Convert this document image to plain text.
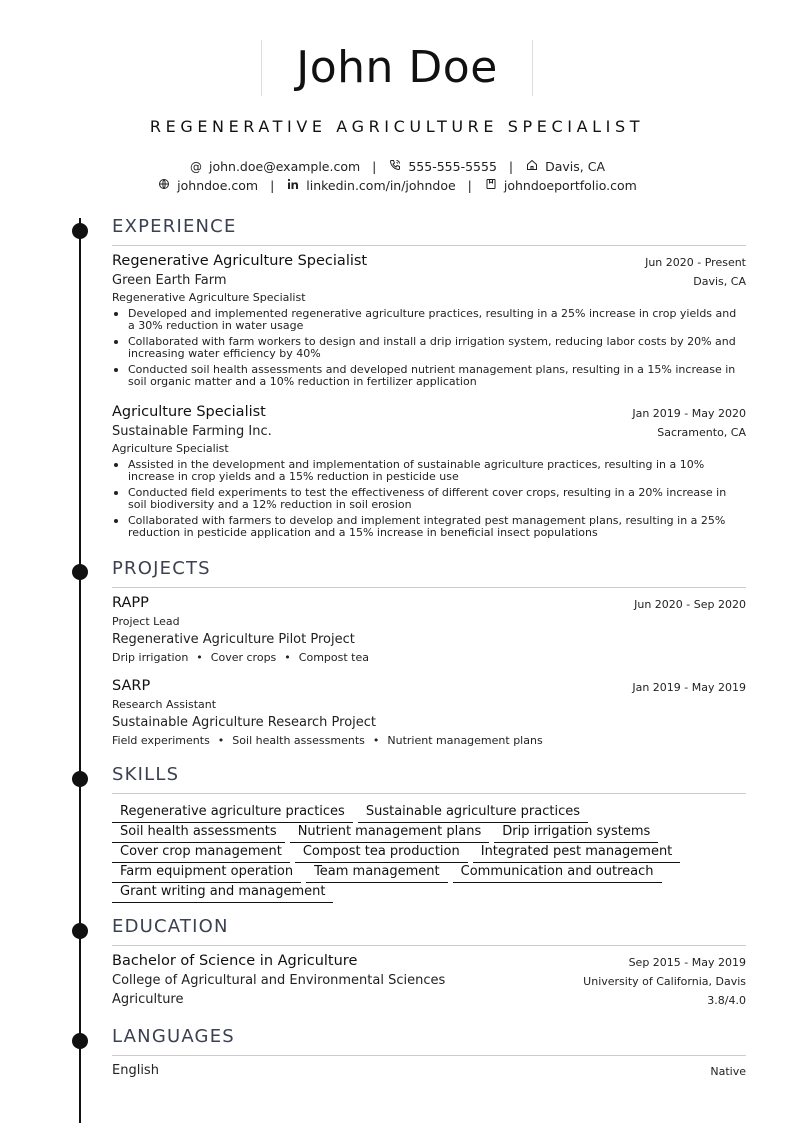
John Doe
REGENERATIVE AGRICULTURE SPECIALIST
@ john.doe@example.com |	555-555-5555 |	Davis, CA
johndoe.com |	linkedin.com/in/johndoe |	johndoeportfolio.com
EXPERIENCE
Regenerative Agriculture Specialist	Jun 2020 - Present
Green Earth Farm	Davis, CA
Regenerative Agriculture Specialist
Developed and implemented regenerative agriculture practices, resulting in a 25% increase in crop yields and a 30% reduction in water usage
Collaborated with farm workers to design and install a drip irrigation system, reducing labor costs by 20% and increasing water efficiency by 40%
Conducted soil health assessments and developed nutrient management plans, resulting in a 15% increase in soil organic matter and a 10% reduction in fertilizer application
Agriculture Specialist	Jan 2019 - May 2020
Sustainable Farming Inc.	Sacramento, CA
Agriculture Specialist
Assisted in the development and implementation of sustainable agriculture practices, resulting in a 10% increase in crop yields and a 15% reduction in pesticide use
Conducted field experiments to test the effectiveness of different cover crops, resulting in a 20% increase in soil biodiversity and a 12% reduction in soil erosion
Collaborated with farmers to develop and implement integrated pest management plans, resulting in a 25% reduction in pesticide application and a 15% increase in beneficial insect populations
PROJECTS
RAPP	Jun 2020 - Sep 2020
Project Lead
Regenerative Agriculture Pilot Project
Drip irrigation • Cover crops • Compost tea
SARP	Jan 2019 - May 2019
Research Assistant
Sustainable Agriculture Research Project
Field experiments • Soil health assessments • Nutrient management plans
SKILLS
Regenerative agriculture practices Sustainable agriculture practices
Soil health assessments Nutrient management plans Drip irrigation systems
Cover crop management Compost tea production Integrated pest management
Farm equipment operation Team management Communication and outreach
Grant writing and management
EDUCATION
Bachelor of Science in Agriculture	Sep 2015 - May 2019
College of Agricultural and Environmental Sciences	University of California, Davis
Agriculture	3.8/4.0
LANGUAGES
English	Native
